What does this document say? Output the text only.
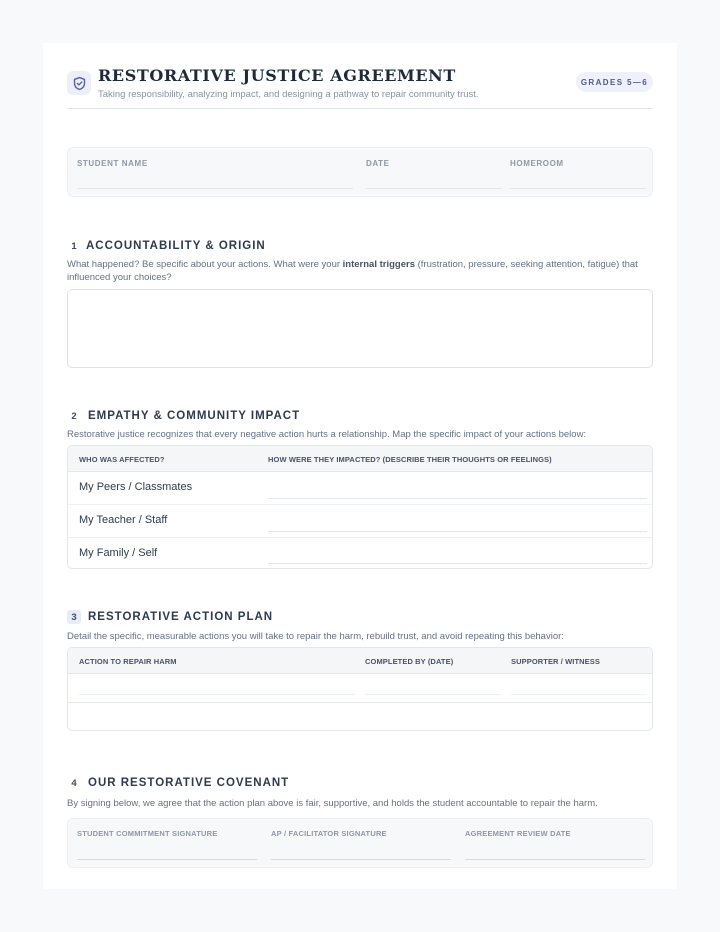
RESTORATIVE JUSTICE AGREEMENT
Taking responsibility, analyzing impact, and designing a pathway to repair community trust.
GRADES 5—6
STUDENT NAME	DATE	HOMEROOM
1 ACCOUNTABILITY & ORIGIN
What happened? Be specific about your actions. What were your internal triggers (frustration, pressure, seeking attention, fatigue) that influenced your choices?
2 EMPATHY & COMMUNITY IMPACT
Restorative justice recognizes that every negative action hurts a relationship. Map the specific impact of your actions below:
WHO WAS AFFECTED?	HOW WERE THEY IMPACTED? (DESCRIBE THEIR THOUGHTS OR FEELINGS)
My Peers / Classmates
My Teacher / Staff
My Family / Self
3 RESTORATIVE ACTION PLAN
Detail the specific, measurable actions you will take to repair the harm, rebuild trust, and avoid repeating this behavior:
ACTION TO REPAIR HARM	COMPLETED BY (DATE)	SUPPORTER / WITNESS
4 OUR RESTORATIVE COVENANT
By signing below, we agree that the action plan above is fair, supportive, and holds the student accountable to repair the harm.
STUDENT COMMITMENT SIGNATURE	AP / FACILITATOR SIGNATURE	AGREEMENT REVIEW DATE
